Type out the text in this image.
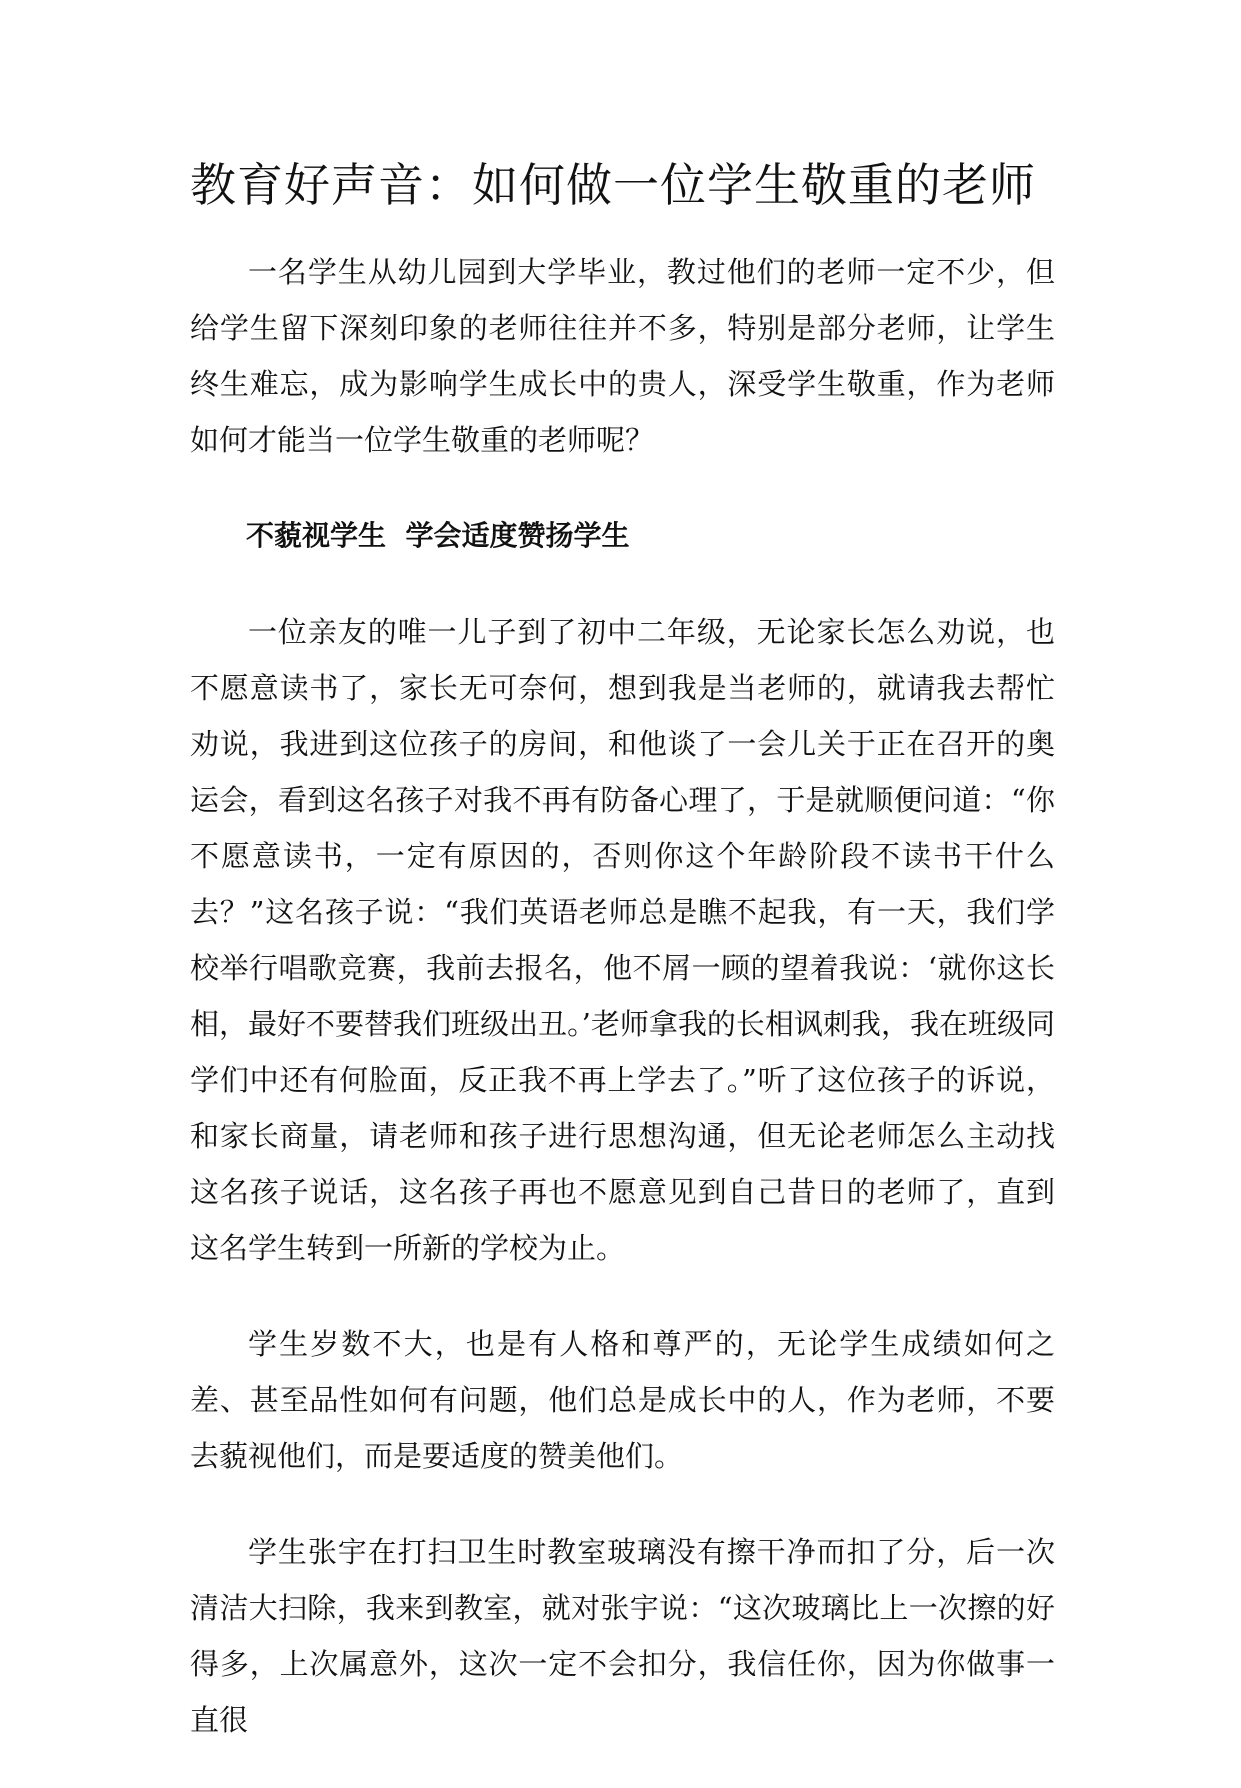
教育好声音：如何做一位学生敬重的老师

一名学生从幼儿园到大学毕业，教过他们的老师一定不少，但给学生留下深刻印象的老师往往并不多，特别是部分老师，让学生终生难忘，成为影响学生成长中的贵人，深受学生敬重，作为老师如何才能当一位学生敬重的老师呢？

不藐视学生  学会适度赞扬学生

一位亲友的唯一儿子到了初中二年级，无论家长怎么劝说，也不愿意读书了，家长无可奈何，想到我是当老师的，就请我去帮忙劝说，我进到这位孩子的房间，和他谈了一会儿关于正在召开的奥运会，看到这名孩子对我不再有防备心理了，于是就顺便问道：“你不愿意读书，一定有原因的，否则你这个年龄阶段不读书干什么去？”这名孩子说：“我们英语老师总是瞧不起我，有一天，我们学校举行唱歌竞赛，我前去报名，他不屑一顾的望着我说：‘就你这长相，最好不要替我们班级出丑。’老师拿我的长相讽刺我，我在班级同学们中还有何脸面，反正我不再上学去了。”听了这位孩子的诉说，和家长商量，请老师和孩子进行思想沟通，但无论老师怎么主动找这名孩子说话，这名孩子再也不愿意见到自己昔日的老师了，直到这名学生转到一所新的学校为止。

学生岁数不大，也是有人格和尊严的，无论学生成绩如何之差、甚至品性如何有问题，他们总是成长中的人，作为老师，不要去藐视他们，而是要适度的赞美他们。

学生张宇在打扫卫生时教室玻璃没有擦干净而扣了分，后一次清洁大扫除，我来到教室，就对张宇说：“这次玻璃比上一次擦的好得多，上次属意外，这次一定不会扣分，我信任你，因为你做事一直很
